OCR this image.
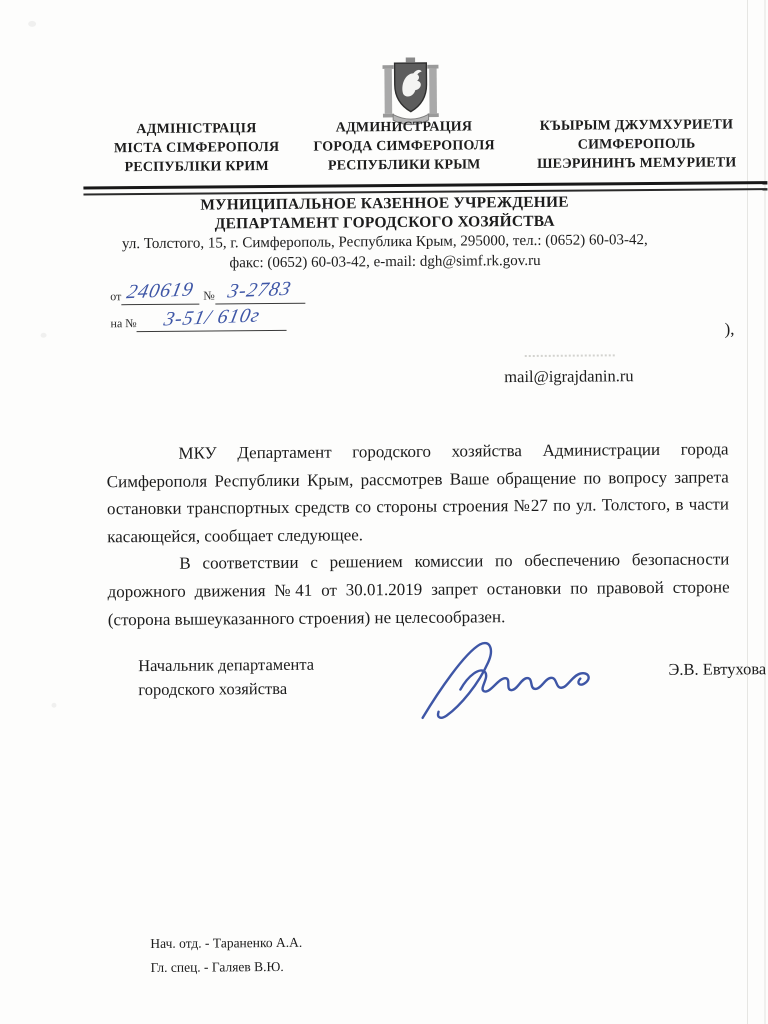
АДМІНІСТРАЦІЯ
МІСТА СІМФЕРОПОЛЯ
РЕСПУБЛІКИ КРИМ
АДМИНИСТРАЦИЯ
ГОРОДА СИМФЕРОПОЛЯ
РЕСПУБЛИКИ КРЫМ
КЪЫРЫМ ДЖУМХУРИЕТИ
СИМФЕРОПОЛЬ
ШЕЭРИНИНЪ МЕМУРИЕТИ
МУНИЦИПАЛЬНОЕ КАЗЕННОЕ УЧРЕЖДЕНИЕ
ДЕПАРТАМЕНТ ГОРОДСКОГО ХОЗЯЙСТВА
ул. Толстого, 15, г. Симферополь, Республика Крым, 295000, тел.: (0652) 60-03-42,
факс: (0652) 60-03-42, e-mail: dgh@simf.rk.gov.ru
от 240619 № 3-2783
на № 3-51/ 610г	),
mail@igrajdanin.ru

МКУ Департамент городского хозяйства Администрации города Симферополя Республики Крым, рассмотрев Ваше обращение по вопросу запрета остановки транспортных средств со стороны строения №27 по ул. Толстого, в части касающейся, сообщает следующее.

В соответствии с решением комиссии по обеспечению безопасности дорожного движения №41 от 30.01.2019 запрет остановки по правовой стороне (сторона вышеуказанного строения) не целесообразен.

Начальник департамента
городского хозяйства
Э.В. Евтухова
Нач. отд. - Тараненко А.А.
Гл. спец. - Галяев В.Ю.
